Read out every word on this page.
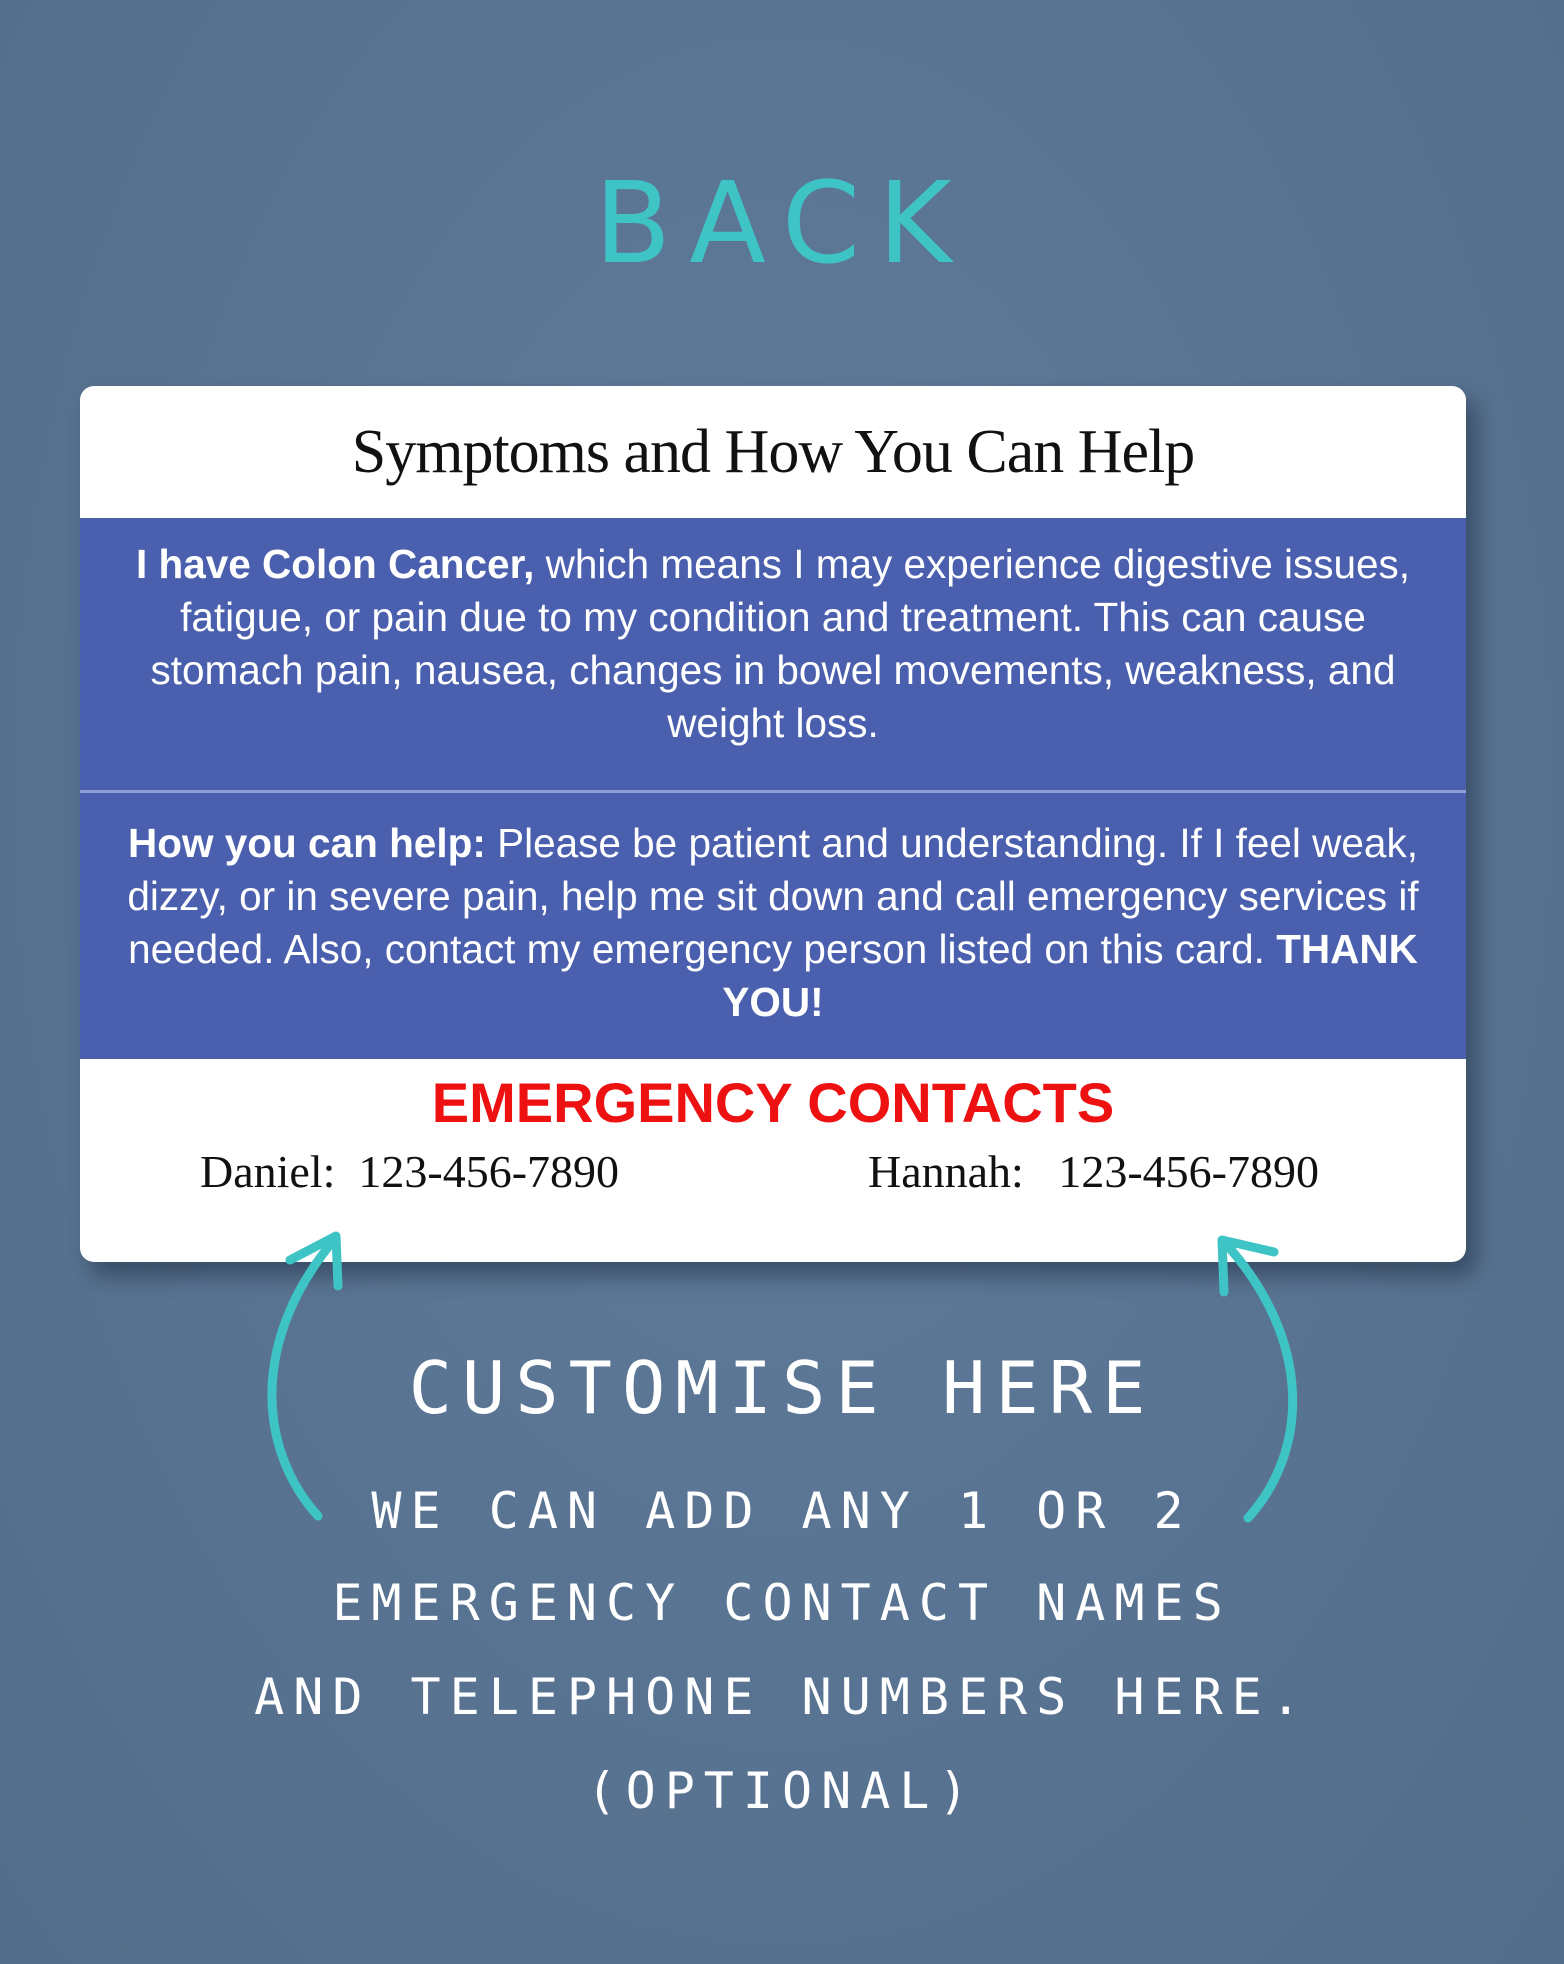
BACK
Symptoms and How You Can Help
I have Colon Cancer, which means I may experience digestive issues, fatigue, or pain due to my condition and treatment. This can cause stomach pain, nausea, changes in bowel movements, weakness, and weight loss.
How you can help: Please be patient and understanding. If I feel weak, dizzy, or in severe pain, help me sit down and call emergency services if needed. Also, contact my emergency person listed on this card. THANK YOU!
EMERGENCY CONTACTS
Daniel: 123-456-7890	Hannah: 123-456-7890
CUSTOMISE HERE
WE CAN ADD ANY 1 OR 2
EMERGENCY CONTACT NAMES
AND TELEPHONE NUMBERS HERE.
(OPTIONAL)
